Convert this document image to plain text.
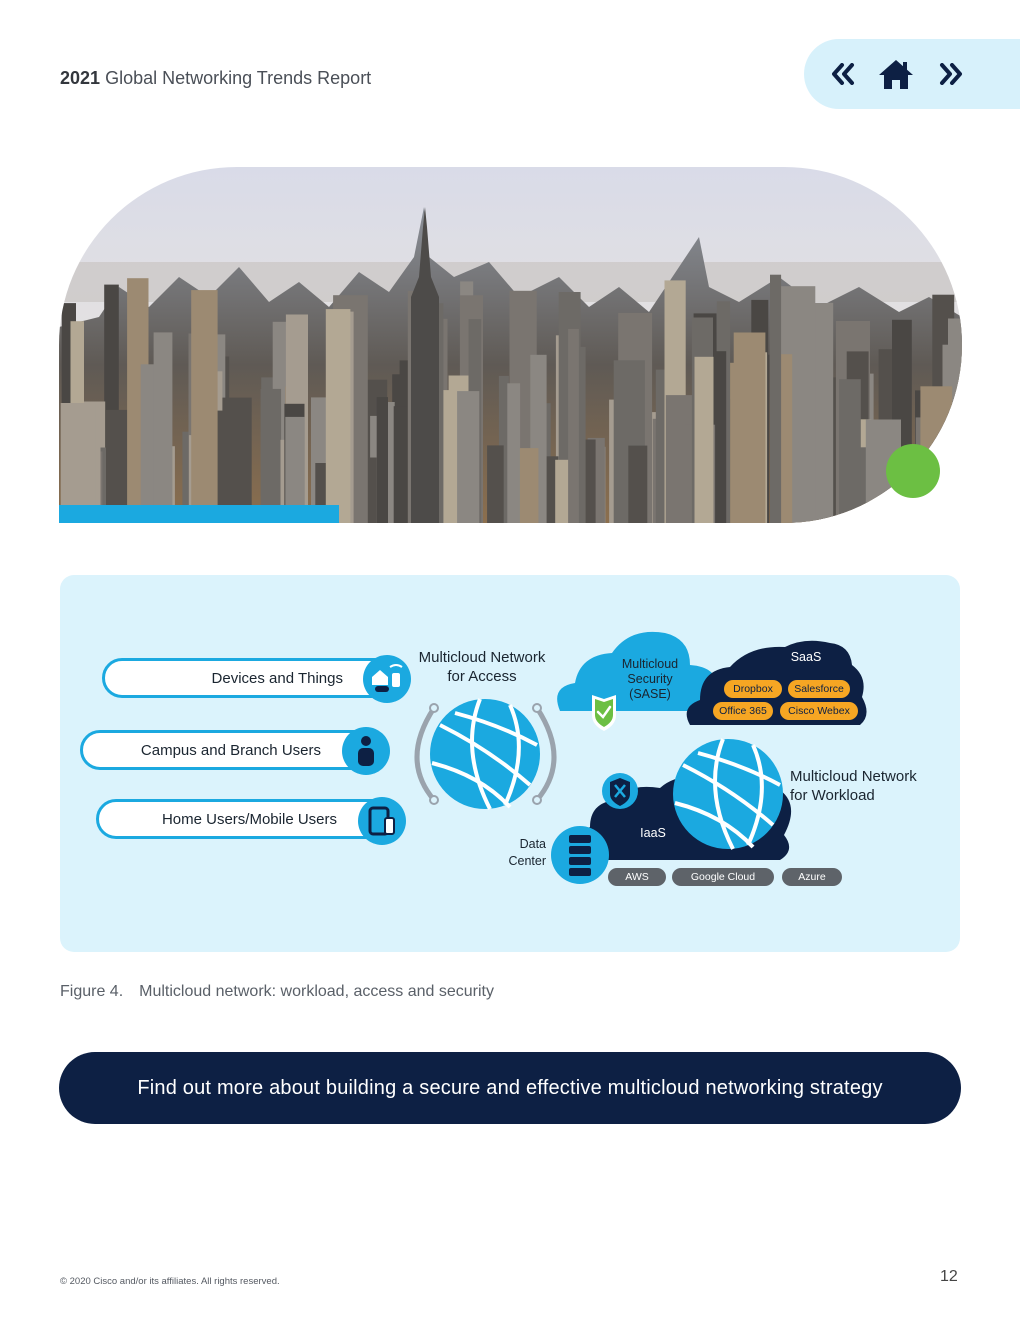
2021 Global Networking Trends Report
Devices and Things
Campus and Branch Users
Home Users/Mobile Users
Multicloud Network
for Access
Multicloud
Security
(SASE)
SaaS
Dropbox	Salesforce
Office 365	Cisco Webex
Multicloud Network
for Workload
IaaS
AWS	Google Cloud	Azure
Data
Center
Figure 4. Multicloud network: workload, access and security
Find out more about building a secure and effective multicloud networking strategy
© 2020 Cisco and/or its affiliates. All rights reserved.	12
